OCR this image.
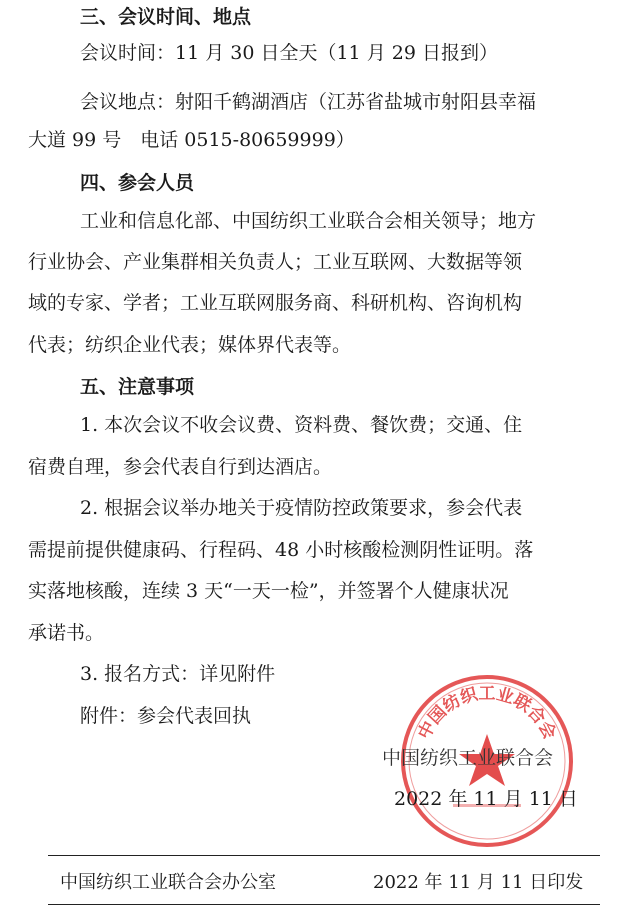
三、会议时间、地点
会议时间：11 月 30 日全天（11 月 29 日报到）
会议地点：射阳千鹤湖酒店（江苏省盐城市射阳县幸福
大道 99 号　电话 0515-80659999）
四、参会人员
工业和信息化部、中国纺织工业联合会相关领导；地方
行业协会、产业集群相关负责人；工业互联网、大数据等领
域的专家、学者；工业互联网服务商、科研机构、咨询机构
代表；纺织企业代表；媒体界代表等。
五、注意事项
1. 本次会议不收会议费、资料费、餐饮费；交通、住
宿费自理，参会代表自行到达酒店。
2. 根据会议举办地关于疫情防控政策要求，参会代表
需提前提供健康码、行程码、48 小时核酸检测阴性证明。落
实落地核酸，连续 3 天“一天一检”，并签署个人健康状况
承诺书。
3. 报名方式：详见附件
附件：参会代表回执
中国纺织工业联合会
中国纺织工业联合会
2022 年 11 月 11 日
中国纺织工业联合会办公室	2022 年 11 月 11 日印发
